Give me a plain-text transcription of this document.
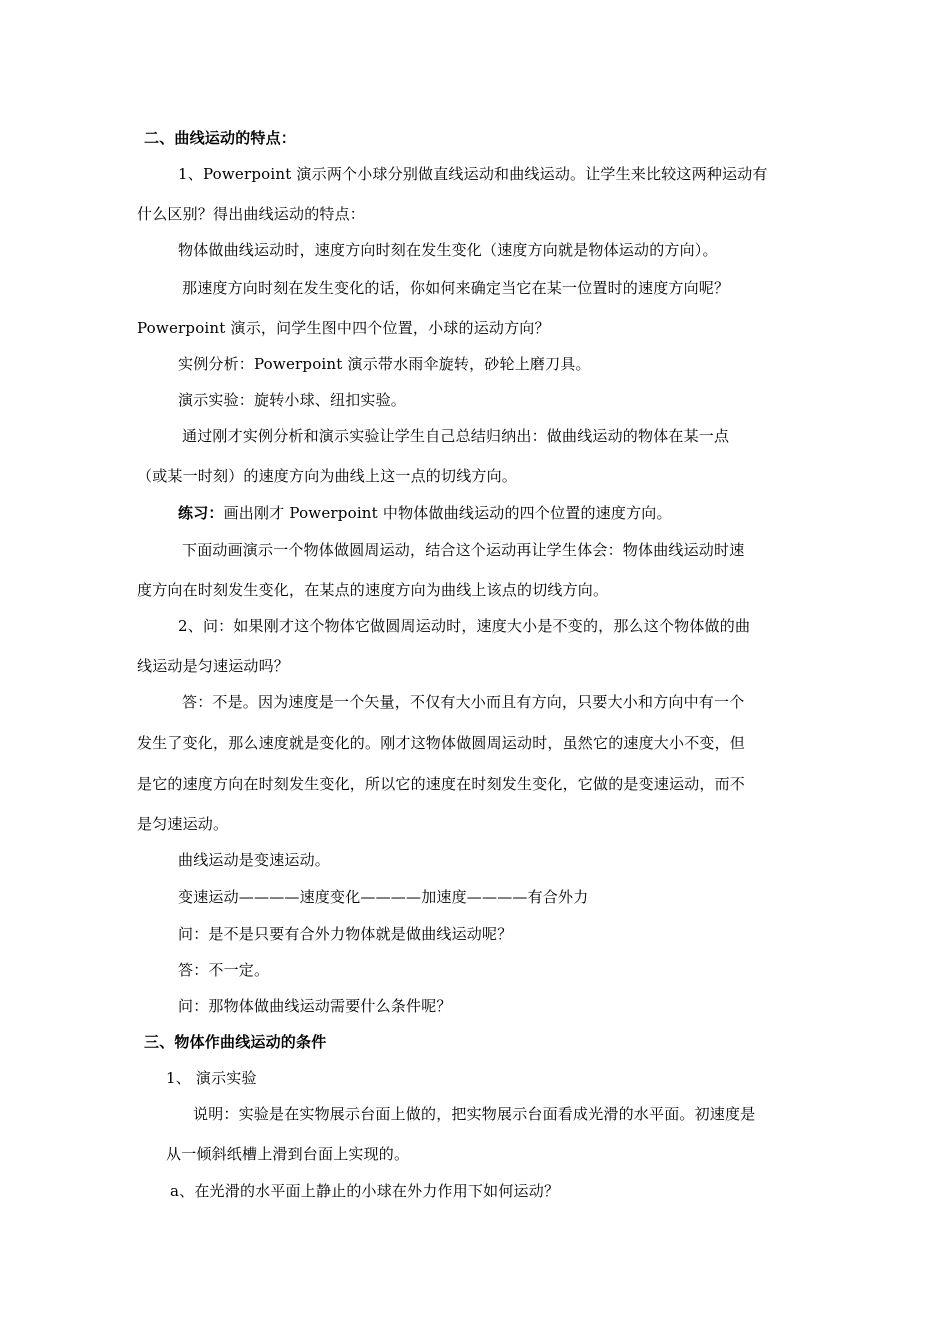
二、曲线运动的特点：
1、Powerpoint 演示两个小球分别做直线运动和曲线运动。让学生来比较这两种运动有
什么区别？得出曲线运动的特点：
物体做曲线运动时，速度方向时刻在发生变化（速度方向就是物体运动的方向）。
那速度方向时刻在发生变化的话，你如何来确定当它在某一位置时的速度方向呢？
Powerpoint 演示，问学生图中四个位置，小球的运动方向？
实例分析：Powerpoint 演示带水雨伞旋转，砂轮上磨刀具。
演示实验：旋转小球、纽扣实验。
通过刚才实例分析和演示实验让学生自己总结归纳出：做曲线运动的物体在某一点
（或某一时刻）的速度方向为曲线上这一点的切线方向。
练习：画出刚才 Powerpoint 中物体做曲线运动的四个位置的速度方向。
下面动画演示一个物体做圆周运动，结合这个运动再让学生体会：物体曲线运动时速
度方向在时刻发生变化，在某点的速度方向为曲线上该点的切线方向。
2、问：如果刚才这个物体它做圆周运动时，速度大小是不变的，那么这个物体做的曲
线运动是匀速运动吗？
答：不是。因为速度是一个矢量，不仅有大小而且有方向，只要大小和方向中有一个
发生了变化，那么速度就是变化的。刚才这物体做圆周运动时，虽然它的速度大小不变，但
是它的速度方向在时刻发生变化，所以它的速度在时刻发生变化，它做的是变速运动，而不
是匀速运动。
曲线运动是变速运动。
变速运动————速度变化————加速度————有合外力
问：是不是只要有合外力物体就是做曲线运动呢？
答：不一定。
问：那物体做曲线运动需要什么条件呢？
三、物体作曲线运动的条件
1、 演示实验
说明：实验是在实物展示台面上做的，把实物展示台面看成光滑的水平面。初速度是
从一倾斜纸槽上滑到台面上实现的。
a、在光滑的水平面上静止的小球在外力作用下如何运动？
